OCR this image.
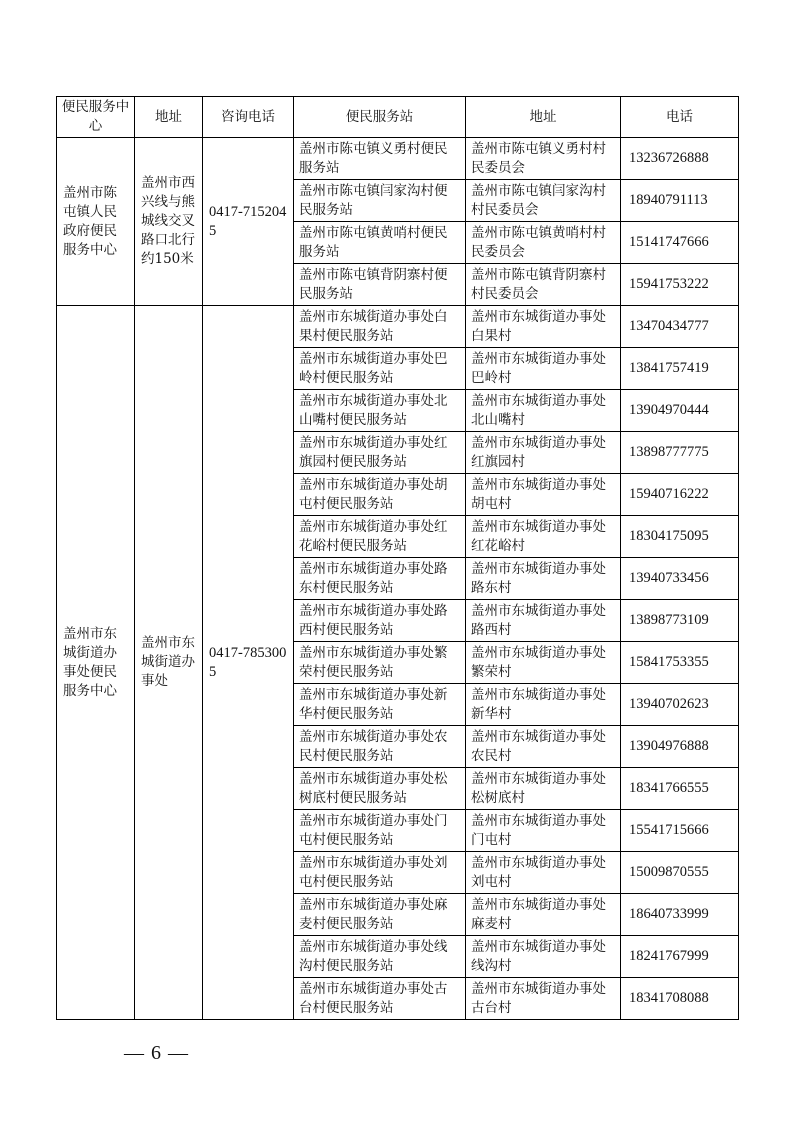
便民服务中心	地址	咨询电话	便民服务站	地址	电话
盖州市陈屯镇人民政府便民服务中心	盖州市西兴线与熊城线交叉路口北行约150米	0417-7152045	盖州市陈屯镇义勇村便民服务站	盖州市陈屯镇义勇村村民委员会	13236726888
			盖州市陈屯镇闫家沟村便民服务站	盖州市陈屯镇闫家沟村村民委员会	18940791113
			盖州市陈屯镇黄哨村便民服务站	盖州市陈屯镇黄哨村村民委员会	15141747666
			盖州市陈屯镇背阴寨村便民服务站	盖州市陈屯镇背阴寨村村民委员会	15941753222
盖州市东城街道办事处便民服务中心	盖州市东城街道办事处	0417-7853005	盖州市东城街道办事处白果村便民服务站	盖州市东城街道办事处白果村	13470434777
			盖州市东城街道办事处巴岭村便民服务站	盖州市东城街道办事处巴岭村	13841757419
			盖州市东城街道办事处北山嘴村便民服务站	盖州市东城街道办事处北山嘴村	13904970444
			盖州市东城街道办事处红旗园村便民服务站	盖州市东城街道办事处红旗园村	13898777775
			盖州市东城街道办事处胡屯村便民服务站	盖州市东城街道办事处胡屯村	15940716222
			盖州市东城街道办事处红花峪村便民服务站	盖州市东城街道办事处红花峪村	18304175095
			盖州市东城街道办事处路东村便民服务站	盖州市东城街道办事处路东村	13940733456
			盖州市东城街道办事处路西村便民服务站	盖州市东城街道办事处路西村	13898773109
			盖州市东城街道办事处繁荣村便民服务站	盖州市东城街道办事处繁荣村	15841753355
			盖州市东城街道办事处新华村便民服务站	盖州市东城街道办事处新华村	13940702623
			盖州市东城街道办事处农民村便民服务站	盖州市东城街道办事处农民村	13904976888
			盖州市东城街道办事处松树底村便民服务站	盖州市东城街道办事处松树底村	18341766555
			盖州市东城街道办事处门屯村便民服务站	盖州市东城街道办事处门屯村	15541715666
			盖州市东城街道办事处刘屯村便民服务站	盖州市东城街道办事处刘屯村	15009870555
			盖州市东城街道办事处麻麦村便民服务站	盖州市东城街道办事处麻麦村	18640733999
			盖州市东城街道办事处线沟村便民服务站	盖州市东城街道办事处线沟村	18241767999
			盖州市东城街道办事处古台村便民服务站	盖州市东城街道办事处古台村	18341708088
— 6 —
